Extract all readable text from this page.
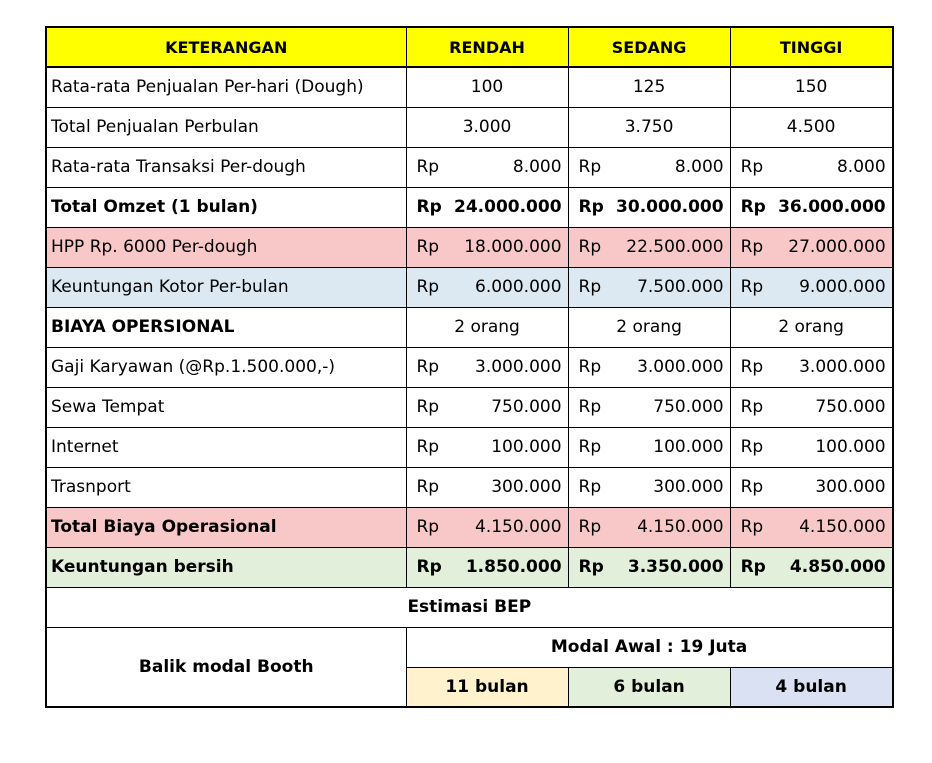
KETERANGAN	RENDAH		SEDANG		TINGGI	
Rata-rata Penjualan Per-hari (Dough)	100		125		150	
Total Penjualan Perbulan	3.000		3.750		4.500	
Rata-rata Transaksi Per-dough	Rp	8.000	Rp	8.000	Rp	8.000
Total Omzet (1 bulan)	Rp	24.000.000	Rp	30.000.000	Rp	36.000.000
HPP Rp. 6000 Per-dough	Rp	18.000.000	Rp	22.500.000	Rp	27.000.000
Keuntungan Kotor Per-bulan	Rp	6.000.000	Rp	7.500.000	Rp	9.000.000
BIAYA OPERSIONAL	2 orang		2 orang		2 orang	
Gaji Karyawan (@Rp.1.500.000,-)	Rp	3.000.000	Rp	3.000.000	Rp	3.000.000
Sewa Tempat	Rp	750.000	Rp	750.000	Rp	750.000
Internet	Rp	100.000	Rp	100.000	Rp	100.000
Trasnport	Rp	300.000	Rp	300.000	Rp	300.000
Total Biaya Operasional	Rp	4.150.000	Rp	4.150.000	Rp	4.150.000
Keuntungan bersih	Rp	1.850.000	Rp	3.350.000	Rp	4.850.000
Estimasi BEP						
Balik modal Booth	Modal Awal : 19 Juta					
	11 bulan		6 bulan		4 bulan	
